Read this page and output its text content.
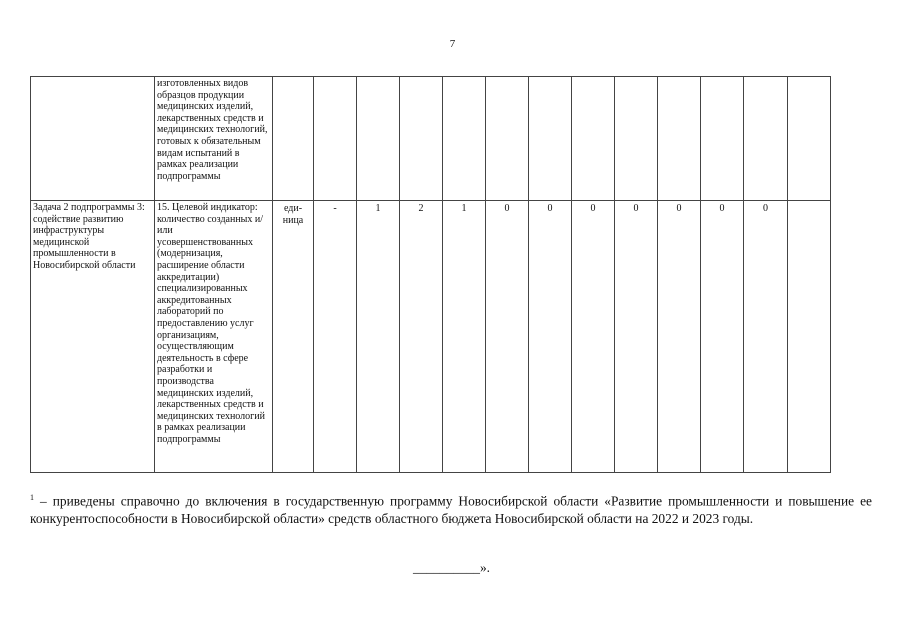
7
	изготовленных видов образцов продукции медицинских изделий, лекарственных средств и медицинских технологий, готовых к обязательным видам испытаний в рамках реализации подпрограммы													
Задача 2 подпрограммы 3: содействие развитию инфраструктуры медицинской промышленности в Новосибирской области	15. Целевой индикатор: количество созданных и/или усовершенствованных (модернизация, расширение области аккредитации) специализированных аккредитованных лабораторий по предоставлению услуг организациям, осуществляющим деятельность в сфере разработки и производства медицинских изделий, лекарственных средств и медицинских технологий в рамках реализации подпрограммы	еди-ница	-	1	2	1	0	0	0	0	0	0	0	
$^1$ – приведены справочно до включения в государственную программу Новосибирской области «Развитие промышленности и повышение ее конкурентоспособности в Новосибирской области» средств областного бюджета Новосибирской области на 2022 и 2023 годы.
__________».
